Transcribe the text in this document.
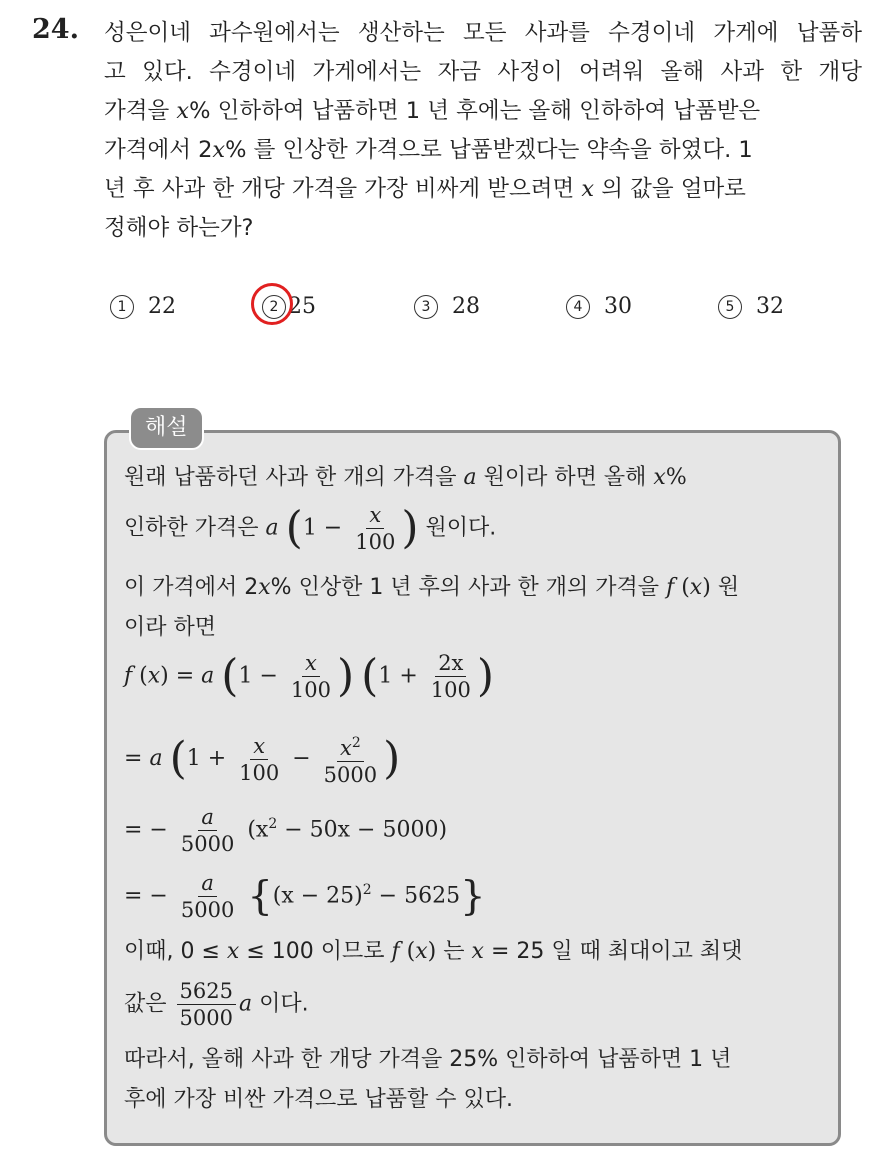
24. 성은이네 과수원에서는 생산하는 모든 사과를 수경이네 가게에 납품하
고 있다. 수경이네 가게에서는 자금 사정이 어려워 올해 사과 한 개당
가격을 x% 인하하여 납품하면 1 년 후에는 올해 인하하여 납품받은
가격에서 2x% 를 인상한 가격으로 납품받겠다는 약속을 하였다. 1
년 후 사과 한 개당 가격을 가장 비싸게 받으려면 x 의 값을 얼마로
정해야 하는가?
1 22	2 25	3 28	4 30	5 32
해설
원래 납품하던 사과 한 개의 가격을 a 원이라 하면 올해 x%
인하한 가격은 a ($1 - \frac{x}{100}$ ) 원이다.
이 가격에서 2x% 인상한 1 년 후의 사과 한 개의 가격을 f (x) 원
이라 하면
f (x) = a ($1 - \frac{x}{100}$ ) ($1 + \frac{2x}{100}$ )
= a ($1 + \frac{x}{100} - \frac{x^2}{5000}$ )
= − $\frac{a}{5000} (x^2 - 50x - 5000)$
= − $\frac{a}{5000} \{(x - 25)^2 - 5625\}$
이때, 0 ≤ x ≤ 100 이므로 f (x) 는 x = 25 일 때 최대이고 최댓
값은 $\frac{5625}{5000}$ a 이다.
따라서, 올해 사과 한 개당 가격을 25% 인하하여 납품하면 1 년
후에 가장 비싼 가격으로 납품할 수 있다.
